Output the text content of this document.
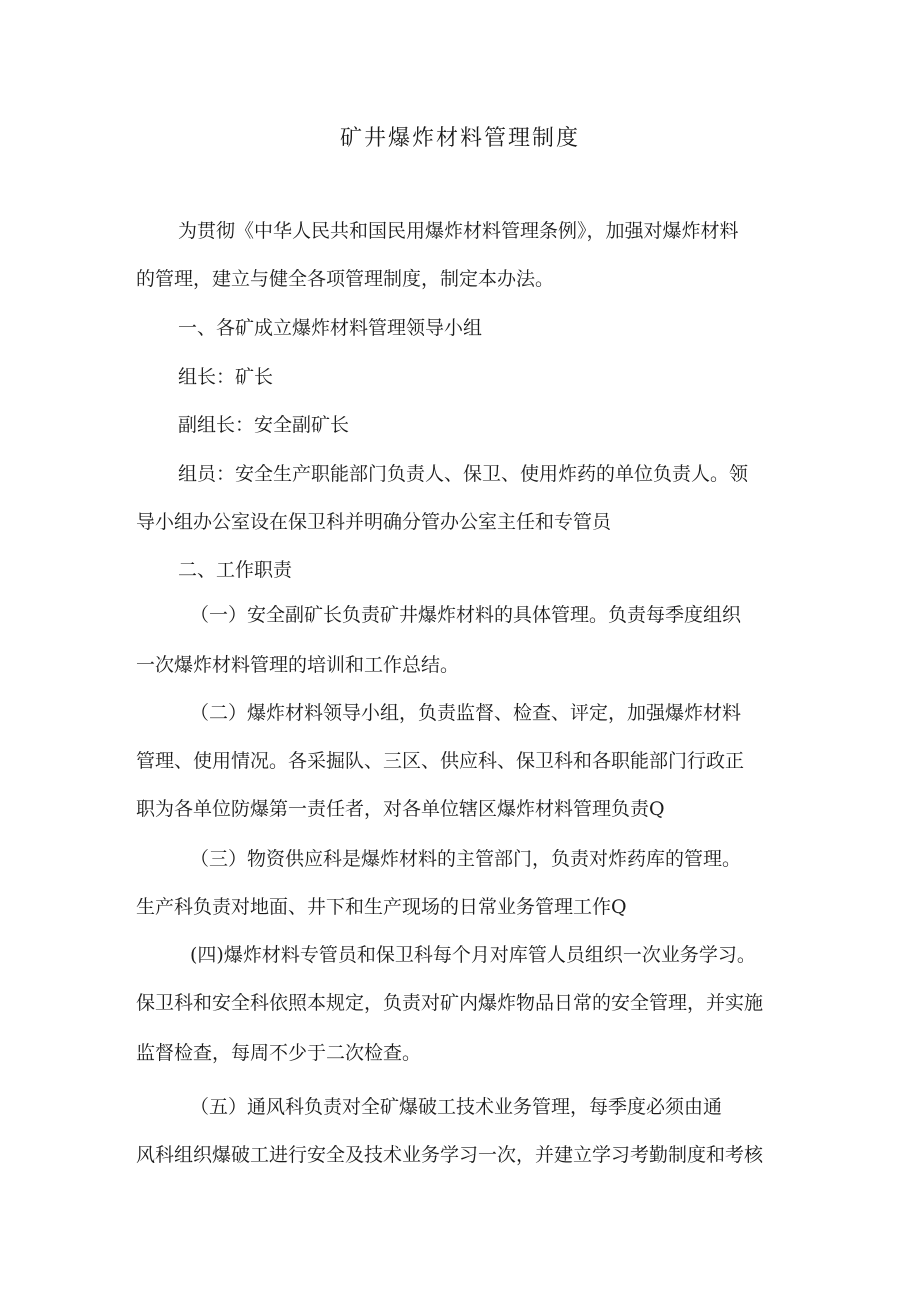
矿井爆炸材料管理制度
为贯彻《中华人民共和国民用爆炸材料管理条例》，加强对爆炸材料
的管理，建立与健全各项管理制度，制定本办法。
一、各矿成立爆炸材料管理领导小组
组长：矿长
副组长：安全副矿长
组员：安全生产职能部门负责人、保卫、使用炸药的单位负责人。领
导小组办公室设在保卫科并明确分管办公室主任和专管员
二、工作职责
（一）安全副矿长负责矿井爆炸材料的具体管理。负责每季度组织
一次爆炸材料管理的培训和工作总结。
（二）爆炸材料领导小组，负责监督、检查、评定，加强爆炸材料
管理、使用情况。各采掘队、三区、供应科、保卫科和各职能部门行政正
职为各单位防爆第一责任者，对各单位辖区爆炸材料管理负责Q
（三）物资供应科是爆炸材料的主管部门，负责对炸药库的管理。
生产科负责对地面、井下和生产现场的日常业务管理工作Q
(四)爆炸材料专管员和保卫科每个月对库管人员组织一次业务学习。
保卫科和安全科依照本规定，负责对矿内爆炸物品日常的安全管理，并实施
监督检查，每周不少于二次检查。
（五）通风科负责对全矿爆破工技术业务管理，每季度必须由通
风科组织爆破工进行安全及技术业务学习一次，并建立学习考勤制度和考核
